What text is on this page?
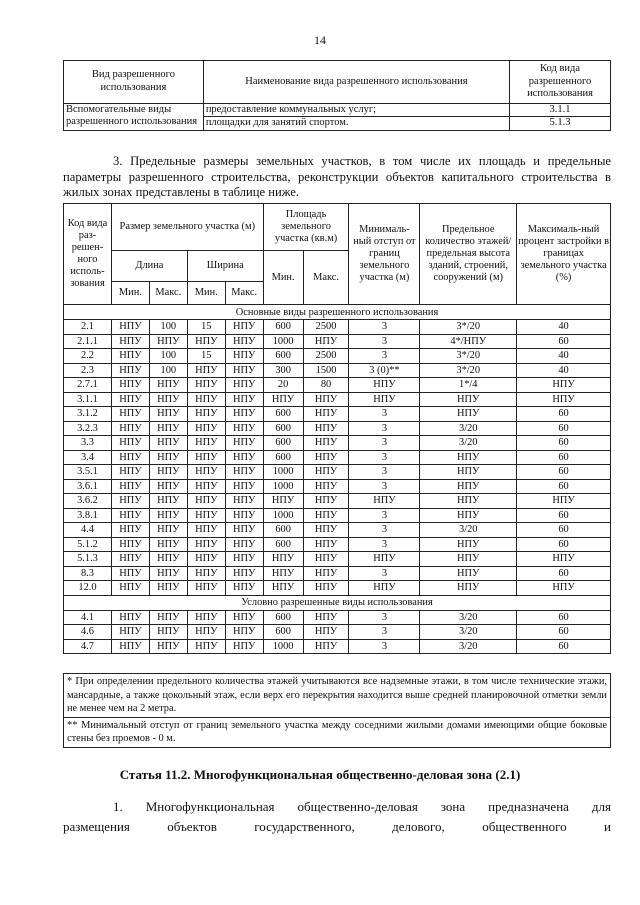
14
Вид разрешенного использования	Наименование вида разрешенного использования	Код вида разрешенного использования
Вспомогательные виды разрешенного использования	предоставление коммунальных услуг;	3.1.1
	площадки для занятий спортом.	5.1.3
3. Предельные размеры земельных участков, в том числе их площадь и предельные параметры разрешенного строительства, реконструкции объектов капитального строительства в жилых зонах представлены в таблице ниже.
Код вида раз-решен-ного исполь-зования	Размер земельного участка (м)				Площадь земельного участка (кв.м)		Минималь-ный отступ от границ земельного участка (м)	Предельное количество этажей/ предельная высота зданий, строений, сооружений (м)	Максималь-ный процент застройки в границах земельного участка (%)
	Длина		Ширина		Мин.	Макс.			
	Мин.	Макс.	Мин.	Макс.					
Основные виды разрешенного использования									
2.1	НПУ	100	15	НПУ	600	2500	3	3*/20	40
2.1.1	НПУ	НПУ	НПУ	НПУ	1000	НПУ	3	4*/НПУ	60
2.2	НПУ	100	15	НПУ	600	2500	3	3*/20	40
2.3	НПУ	100	НПУ	НПУ	300	1500	3 (0)**	3*/20	40
2.7.1	НПУ	НПУ	НПУ	НПУ	20	80	НПУ	1*/4	НПУ
3.1.1	НПУ	НПУ	НПУ	НПУ	НПУ	НПУ	НПУ	НПУ	НПУ
3.1.2	НПУ	НПУ	НПУ	НПУ	600	НПУ	3	НПУ	60
3.2.3	НПУ	НПУ	НПУ	НПУ	600	НПУ	3	3/20	60
3.3	НПУ	НПУ	НПУ	НПУ	600	НПУ	3	3/20	60
3.4	НПУ	НПУ	НПУ	НПУ	600	НПУ	3	НПУ	60
3.5.1	НПУ	НПУ	НПУ	НПУ	1000	НПУ	3	НПУ	60
3.6.1	НПУ	НПУ	НПУ	НПУ	1000	НПУ	3	НПУ	60
3.6.2	НПУ	НПУ	НПУ	НПУ	НПУ	НПУ	НПУ	НПУ	НПУ
3.8.1	НПУ	НПУ	НПУ	НПУ	1000	НПУ	3	НПУ	60
4.4	НПУ	НПУ	НПУ	НПУ	600	НПУ	3	3/20	60
5.1.2	НПУ	НПУ	НПУ	НПУ	600	НПУ	3	НПУ	60
5.1.3	НПУ	НПУ	НПУ	НПУ	НПУ	НПУ	НПУ	НПУ	НПУ
8.3	НПУ	НПУ	НПУ	НПУ	НПУ	НПУ	3	НПУ	60
12.0	НПУ	НПУ	НПУ	НПУ	НПУ	НПУ	НПУ	НПУ	НПУ
Условно разрешенные виды использования									
4.1	НПУ	НПУ	НПУ	НПУ	600	НПУ	3	3/20	60
4.6	НПУ	НПУ	НПУ	НПУ	600	НПУ	3	3/20	60
4.7	НПУ	НПУ	НПУ	НПУ	1000	НПУ	3	3/20	60
* При определении предельного количества этажей учитываются все надземные этажи, в том числе технические этажи, мансардные, а также цокольный этаж, если верх его перекрытия находится выше средней планировочной отметки земли не менее чем на 2 метра.
** Минимальный отступ от границ земельного участка между соседними жилыми домами имеющими общие боковые стены без проемов - 0 м.
Статья 11.2. Многофункциональная общественно-деловая зона (2.1)
1. Многофункциональная общественно-деловая зона предназначена для
размещения объектов государственного, делового, общественного и
